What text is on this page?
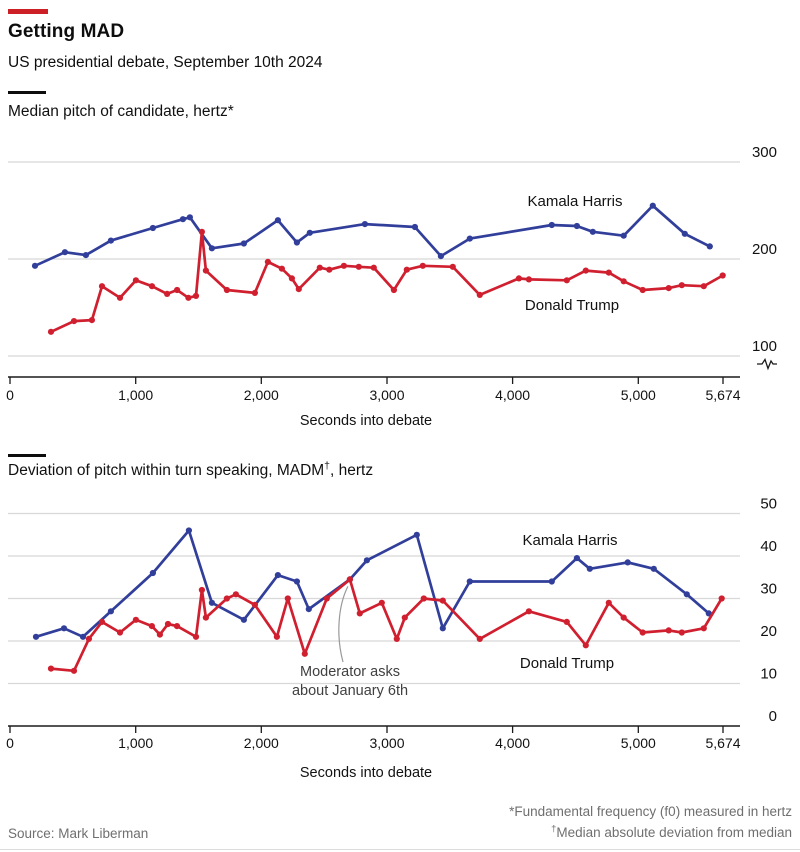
Getting MAD
US presidential debate, September 10th 2024
Median pitch of candidate, hertz*
300
200
100
0	1,000	2,000	3,000	4,000	5,000	5,674
Seconds into debate
Kamala Harris
Donald Trump
Deviation of pitch within turn speaking, MADM†, hertz
50
40
30
20
10
0
0	1,000	2,000	3,000	4,000	5,000	5,674
Seconds into debate
Kamala Harris
Donald Trump
Moderator asks
about January 6th
*Fundamental frequency (f0) measured in hertz
†Median absolute deviation from median
Source: Mark Liberman
